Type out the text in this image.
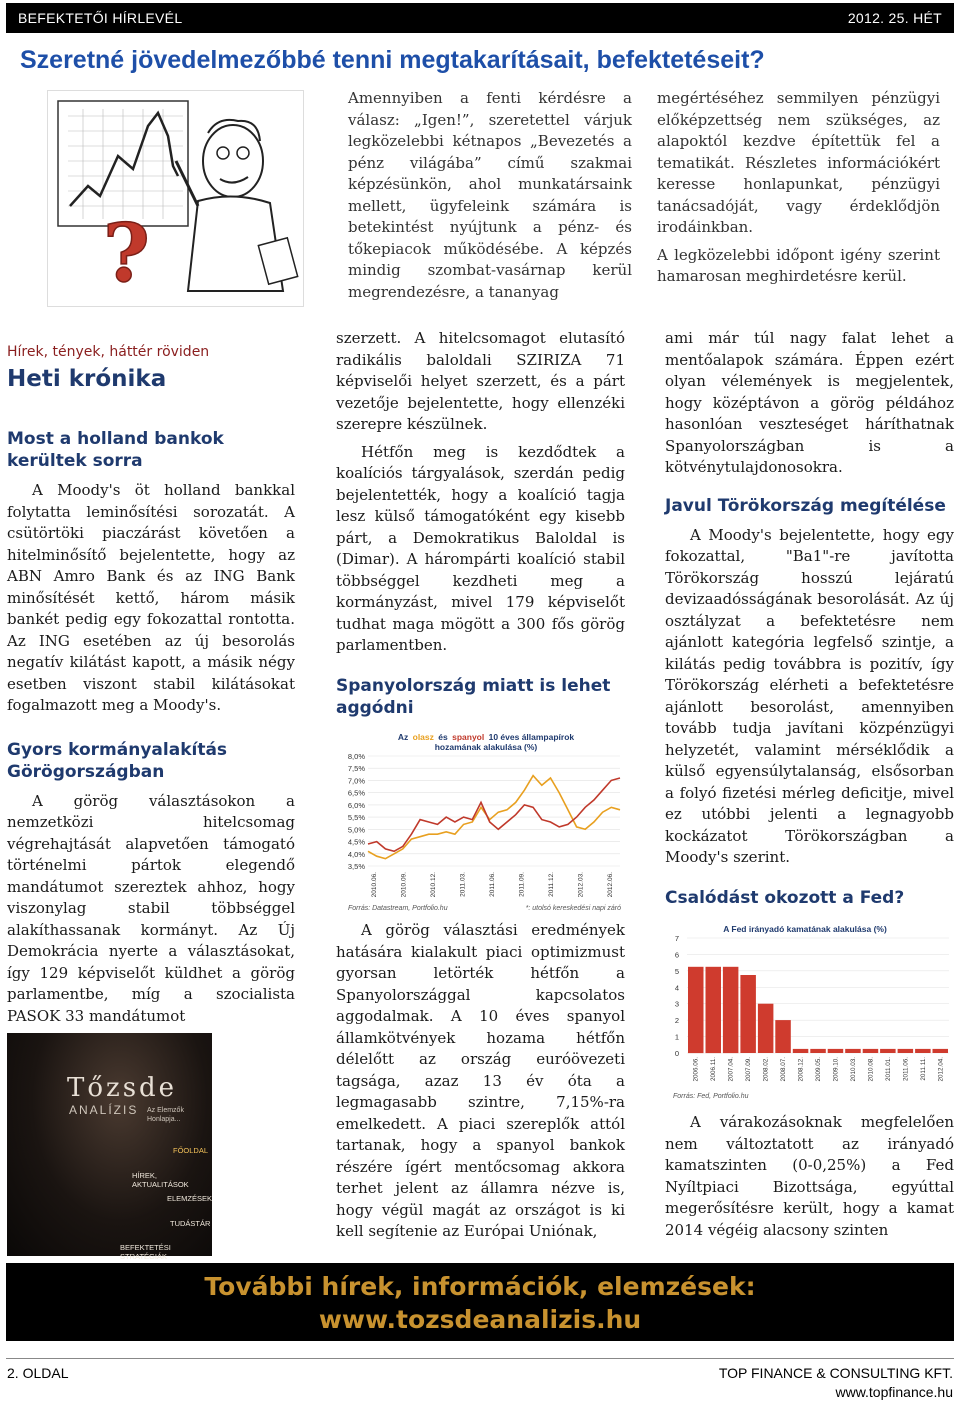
BEFEKTETŐI HÍRLEVÉL	2012. 25. HÉT
Szeretné jövedelmezőbbé tenni megtakarításait, befektetéseit?
?

Amennyiben a fenti kérdésre a válasz: „Igen!”, szeretettel várjuk legközelebbi kétnapos „Bevezetés a pénz világába” című szakmai képzésünkön, ahol munkatársaink mellett, ügyfeleink számára is betekintést nyújtunk a pénz- és tőkepiacok működésébe. A képzés mindig szombat-vasárnap kerül megrendezésre, a tananyag

megértéséhez semmilyen pénzügyi előképzettség nem szükséges, az alapoktól kezdve építettük fel a tematikát. Részletes információkért keresse honlapunkat, pénzügyi tanácsadóját, vagy érdeklődjön irodáinkban.

A legközelebbi időpont igény szerint hamarosan meghirdetésre kerül.

Hírek, tények, háttér röviden
Heti krónika
Most a holland bankok kerültek sorra

A Moody's öt holland bankkal folytatta leminősítési sorozatát. A csütörtöki piaczárást követően a hitelminősítő bejelentette, hogy az ABN Amro Bank és az ING Bank minősítését kettő, három másik bankét pedig egy fokozattal rontotta. Az ING esetében az új besorolás negatív kilátást kapott, a másik négy esetben viszont stabil kilátásokat fogalmazott meg a Moody's.

Gyors kormányalakítás Görögországban

A görög választásokon a nemzetközi hitelcsomag végrehajtását alapvetően támogató történelmi pártok elegendő mandátumot szereztek ahhoz, hogy viszonylag stabil többséggel alakíthassanak kormányt. Az Új Demokrácia nyerte a választásokat, így 129 képviselőt küldhet a görög parlamentbe, míg a szocialista PASOK 33 mandátumot

Tőzsde
ANALÍZIS Az Elemzők Honlapja...
FŐOLDAL
HÍREK, AKTUALITÁSOK
ELEMZÉSEK
TUDÁSTÁR
BEFEKTETÉSI STRATÉGIÁK

szerzett. A hitelcsomagot elutasító radikális baloldali SZIRIZA 71 képviselői helyet szerzett, és a párt vezetője bejelentette, hogy ellenzéki szerepre készülnek.

Hétfőn meg is kezdődtek a koalíciós tárgyalások, szerdán pedig bejelentették, hogy a koalíció tagja lesz külső támogatóként egy kisebb párt, a Demokratikus Baloldal is (Dimar). A hárompárti koalíció stabil többséggel kezdheti meg a kormányzást, mivel 179 képviselőt tudhat maga mögött a 300 fős görög parlamentben.

Spanyolország miatt is lehet aggódni
Az olasz és spanyol 10 éves állampapírok
hozamának alakulása (%)
8,0%
7,5%
7,0%
6,5%
6,0%
5,5%
5,0%
4,5%
4,0%
3,5%
2010.06.	2010.09.	2010.12.	2011.03.	2011.06.	2011.09.	2011.12.	2012.03.	2012.06.
Forrás: Datastream, Portfolio.hu	*: utolsó kereskedési napi záró

A görög választási eredmények hatására kialakult piaci optimizmust gyorsan letörték hétfőn a Spanyolországgal kapcsolatos aggodalmak. A 10 éves spanyol államkötvények hozama hétfőn délelőtt az ország euróövezeti tagsága, azaz 13 év óta a legmagasabb szintre, 7,15%-ra emelkedett. A piaci szereplők attól tartanak, hogy a spanyol bankok részére ígért mentőcsomag akkora terhet jelent az államra nézve is, hogy végül magát az országot is ki kell segítenie az Európai Uniónak,

ami már túl nagy falat lehet a mentőalapok számára. Éppen ezért olyan vélemények is megjelentek, hogy középtávon a görög példához hasonlóan veszteséget háríthatnak Spanyolországban is a kötvénytulajdonosokra.

Javul Törökország megítélése

A Moody's bejelentette, hogy egy fokozattal, "Ba1"-re javította Törökország hosszú lejáratú devizaadósságának besorolását. Az új osztályzat a befektetésre nem ajánlott kategória legfelső szintje, a kilátás pedig továbbra is pozitív, így Törökország elérheti a befektetésre ajánlott besorolást, amennyiben tovább tudja javítani közpénzügyi helyzetét, valamint mérséklődik a külső egyensúlytalanság, elsősorban a folyó fizetési mérleg deficitje, mivel ez utóbbi jelenti a legnagyobb kockázatot Törökországban a Moody's szerint.

Csalódást okozott a Fed?
A Fed irányadó kamatának alakulása (%)
7
6
5
4
3
2
1
0
2006.06. 2006.11. 2007.04. 2007.09. 2008.02. 2008.07. 2008.12. 2009.05. 2009.10. 2010.03. 2010.08. 2011.01. 2011.06. 2011.11. 2012.04.
Forrás: Fed, Portfolio.hu

A várakozásoknak megfelelően nem változtatott az irányadó kamatszinten (0-0,25%) a Fed Nyíltpiaci Bizottsága, egyúttal megerősítésre került, hogy a kamat 2014 végéig alacsony szinten

További hírek, információk, elemzések:
www.tozsdeanalizis.hu
2. OLDAL	TOP FINANCE & CONSULTING KFT.
www.topfinance.hu
